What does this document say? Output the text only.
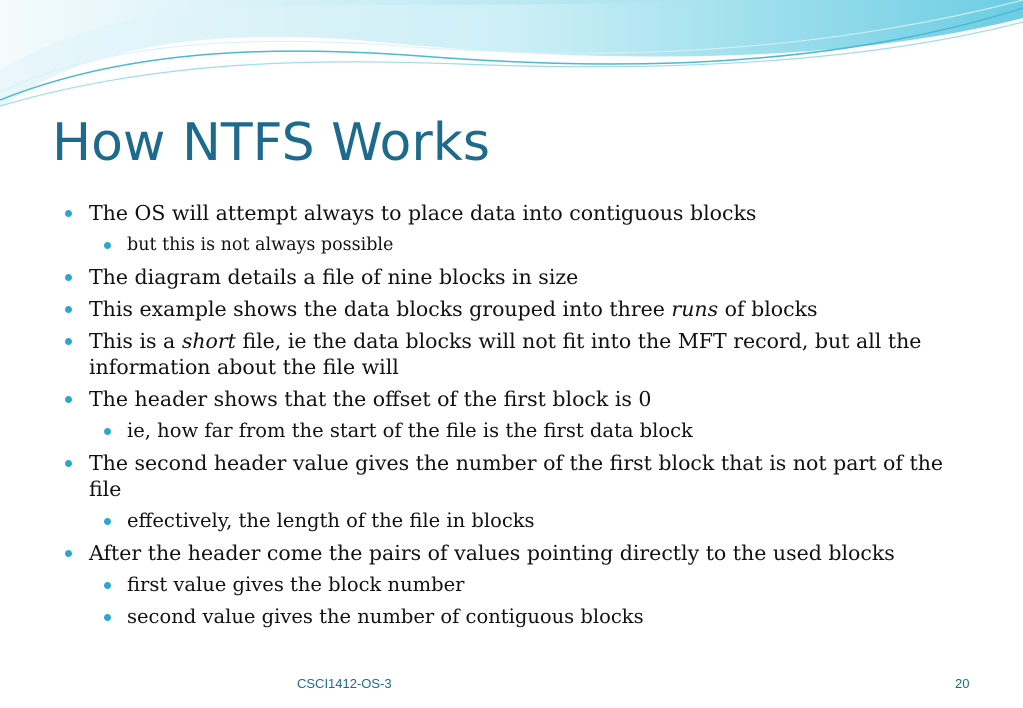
How NTFS Works
The OS will attempt always to place data into contiguous blocks
but this is not always possible
The diagram details a file of nine blocks in size
This example shows the data blocks grouped into three runs of blocks
This is a short file, ie the data blocks will not fit into the MFT record, but all the information about the file will
The header shows that the offset of the first block is 0
ie, how far from the start of the file is the first data block
The second header value gives the number of the first block that is not part of the file
effectively, the length of the file in blocks
After the header come the pairs of values pointing directly to the used blocks
first value gives the block number
second value gives the number of contiguous blocks
CSCI1412-OS-3	20
